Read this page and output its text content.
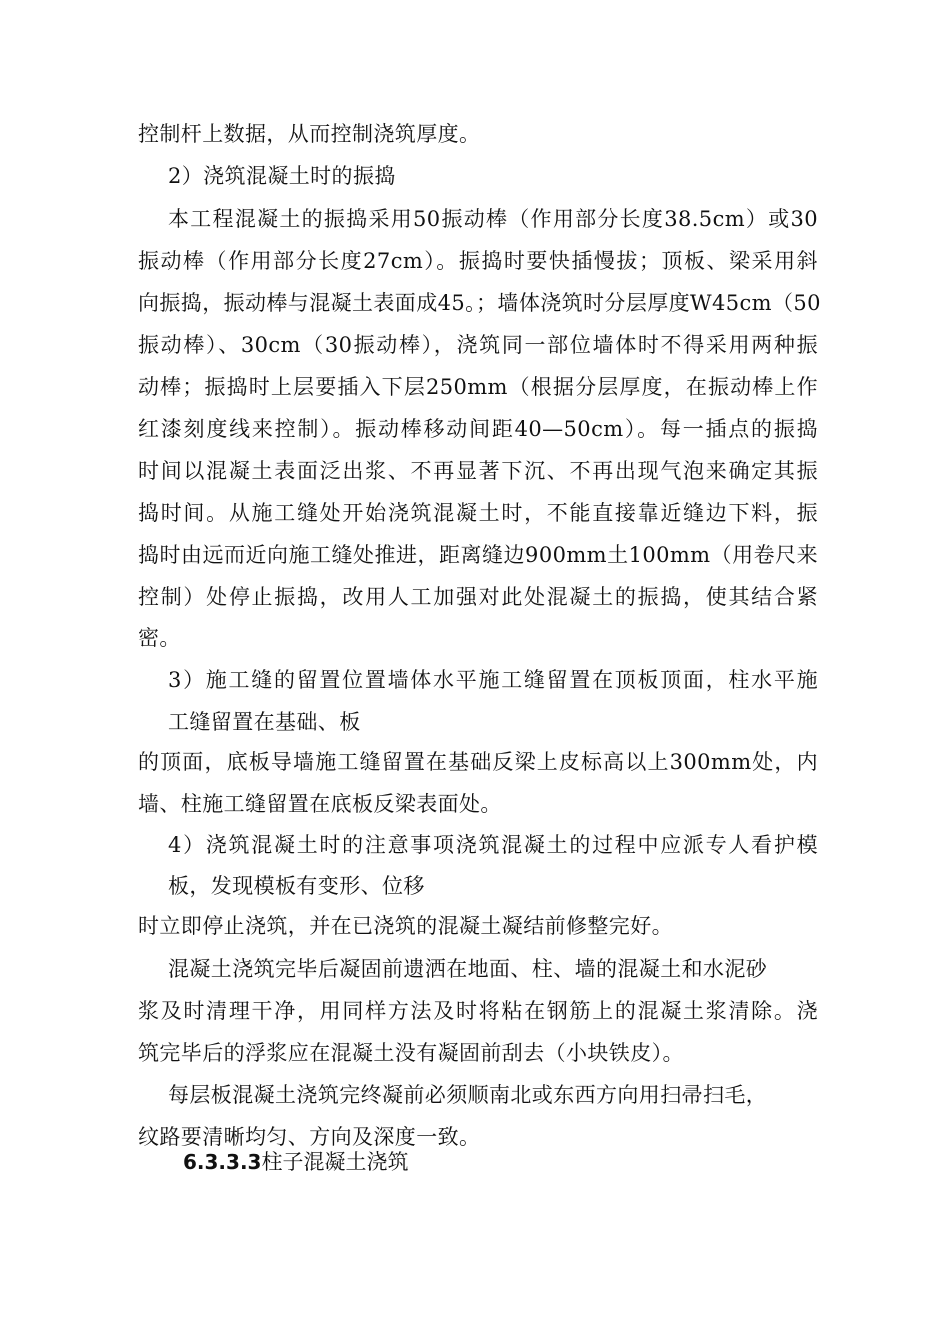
控制杆上数据，从而控制浇筑厚度。
2）浇筑混凝土时的振捣
本工程混凝土的振捣采用50振动棒（作用部分长度38.5cm）或30
振动棒（作用部分长度27cm）。振捣时要快插慢拔；顶板、梁采用斜
向振捣，振动棒与混凝土表面成45。；墙体浇筑时分层厚度W45cm（50
振动棒）、30cm（30振动棒），浇筑同一部位墙体时不得采用两种振
动棒；振捣时上层要插入下层250mm（根据分层厚度，在振动棒上作
红漆刻度线来控制）。振动棒移动间距40—50cm）。每一插点的振捣
时间以混凝土表面泛出浆、不再显著下沉、不再出现气泡来确定其振
捣时间。从施工缝处开始浇筑混凝土时，不能直接靠近缝边下料，振
捣时由远而近向施工缝处推进，距离缝边900mm土100mm（用卷尺来
控制）处停止振捣，改用人工加强对此处混凝土的振捣，使其结合紧
密。
3）施工缝的留置位置墙体水平施工缝留置在顶板顶面，柱水平施
工缝留置在基础、板
的顶面，底板导墙施工缝留置在基础反梁上皮标高以上300mm处，内
墙、柱施工缝留置在底板反梁表面处。
4）浇筑混凝土时的注意事项浇筑混凝土的过程中应派专人看护模
板，发现模板有变形、位移
时立即停止浇筑，并在已浇筑的混凝土凝结前修整完好。
混凝土浇筑完毕后凝固前遗洒在地面、柱、墙的混凝土和水泥砂
浆及时清理干净，用同样方法及时将粘在钢筋上的混凝土浆清除。浇
筑完毕后的浮浆应在混凝土没有凝固前刮去（小块铁皮）。
每层板混凝土浇筑完终凝前必须顺南北或东西方向用扫帚扫毛，
纹路要清晰均匀、方向及深度一致。
6.3.3.3柱子混凝土浇筑
